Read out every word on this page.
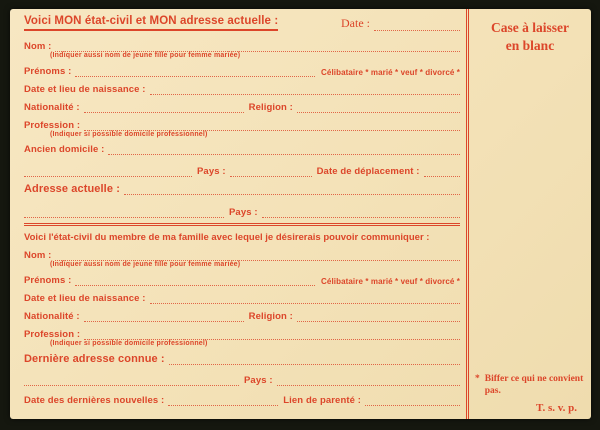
Voici MON état-civil et MON adresse actuelle :	Date :
Nom :
(Indiquer aussi nom de jeune fille pour femme mariée)
Prénoms :	Célibataire * marié * veuf * divorcé *
Date et lieu de naissance :
Nationalité :	Religion :
Profession :
(Indiquer si possible domicile professionnel)
Ancien domicile :
Pays :	Date de déplacement :
Adresse actuelle :
Pays :
Voici l'état-civil du membre de ma famille avec lequel je désirerais pouvoir communiquer :
Nom :
(Indiquer aussi nom de jeune fille pour femme mariée)
Prénoms :	Célibataire * marié * veuf * divorcé *
Date et lieu de naissance :
Nationalité :	Religion :
Profession :
(Indiquer si possible domicile professionnel)
Dernière adresse connue :
Pays :
Date des dernières nouvelles :	Lien de parenté :
Case à laisser
en blanc
* Biffer ce qui ne convient pas.
T. s. v. p.
